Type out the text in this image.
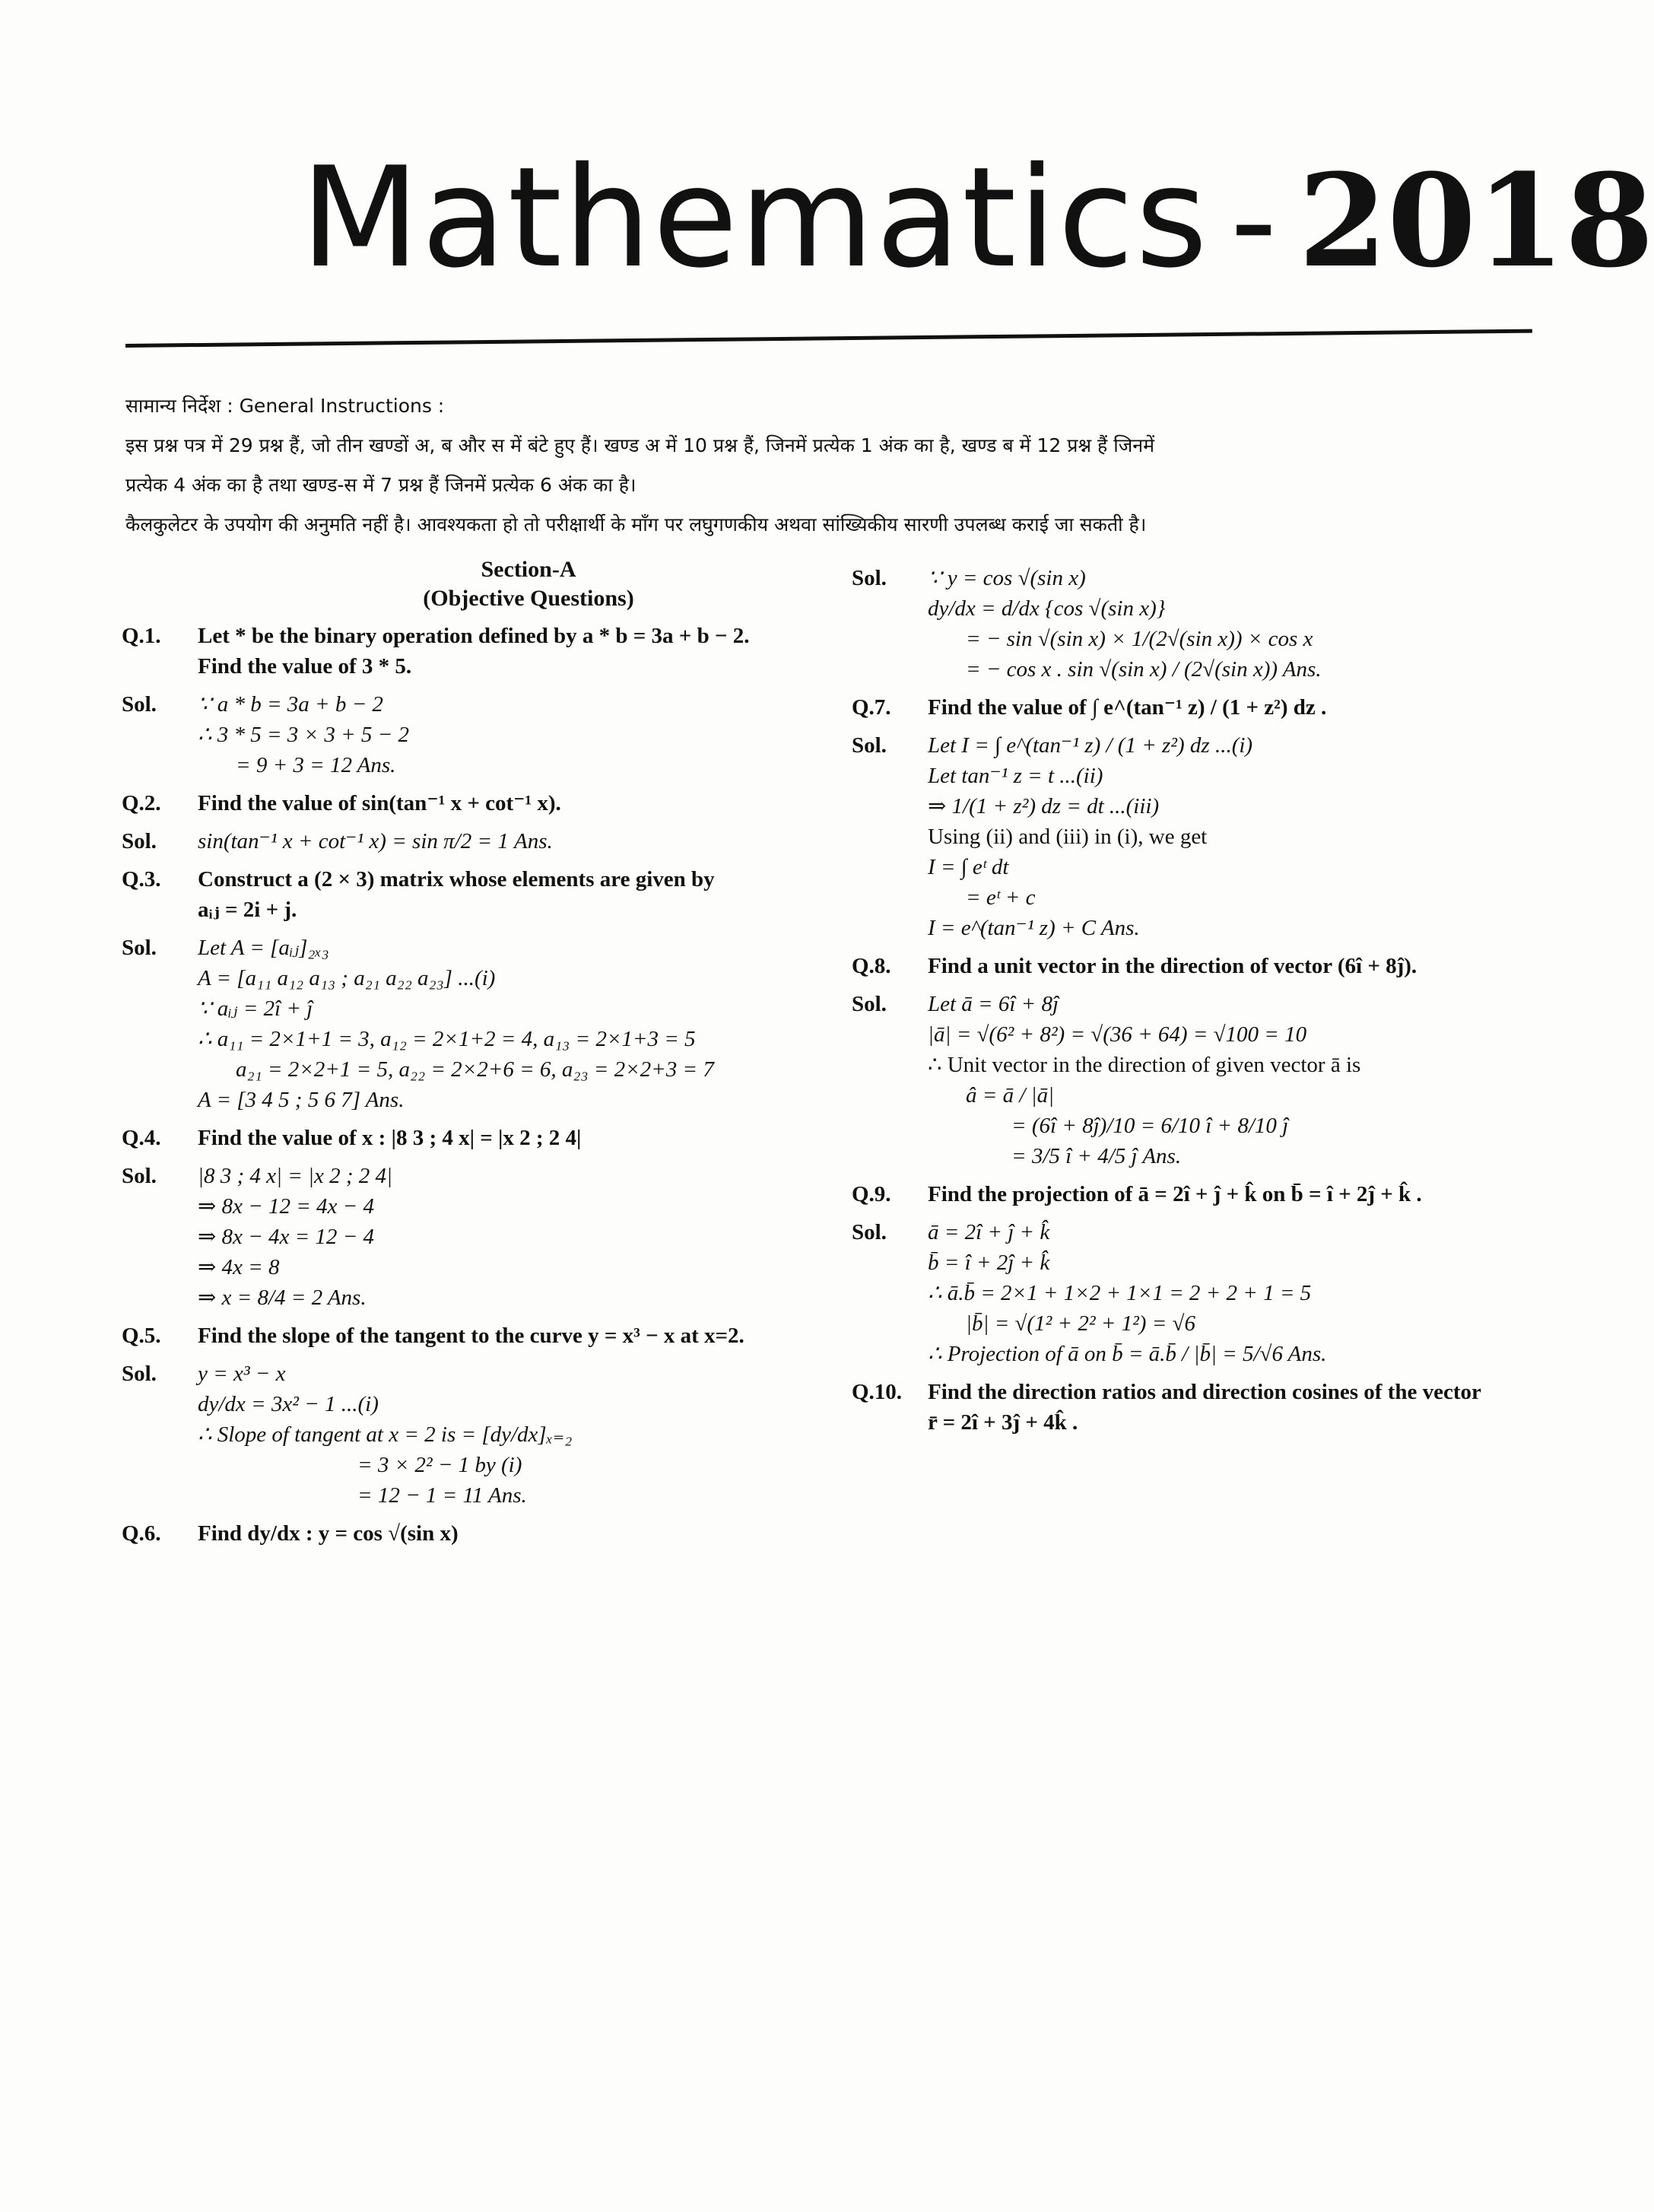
Mathematics - 2018
सामान्य निर्देश : General Instructions :
इस प्रश्न पत्र में 29 प्रश्न हैं, जो तीन खण्डों अ, ब और स में बंटे हुए हैं। खण्ड अ में 10 प्रश्न हैं, जिनमें प्रत्येक 1 अंक का है, खण्ड ब में 12 प्रश्न हैं जिनमें
प्रत्येक 4 अंक का है तथा खण्ड-स में 7 प्रश्न हैं जिनमें प्रत्येक 6 अंक का है।
कैलकुलेटर के उपयोग की अनुमति नहीं है। आवश्यकता हो तो परीक्षार्थी के माँग पर लघुगणकीय अथवा सांख्यिकीय सारणी उपलब्ध कराई जा सकती है।
Section-A
(Objective Questions)
Q.1.	Let * be the binary operation defined by a * b = 3a + b − 2.
Find the value of 3 * 5.
Sol.	∵ a * b = 3a + b − 2
∴ 3 * 5 = 3 × 3 + 5 − 2
= 9 + 3 = 12 Ans.
Q.2.	Find the value of sin(tan⁻¹ x + cot⁻¹ x).
Sol.	sin(tan⁻¹ x + cot⁻¹ x) = sin π/2 = 1 Ans.
Q.3.	Construct a (2 × 3) matrix whose elements are given by
aᵢⱼ = 2i + j.
Sol.	Let A = [aᵢⱼ]₂ₓ₃
A = [a₁₁ a₁₂ a₁₃ ; a₂₁ a₂₂ a₂₃] ...(i)
∵ aᵢⱼ = 2î + ĵ
∴ a₁₁ = 2×1+1 = 3, a₁₂ = 2×1+2 = 4, a₁₃ = 2×1+3 = 5
a₂₁ = 2×2+1 = 5, a₂₂ = 2×2+6 = 6, a₂₃ = 2×2+3 = 7
A = [3 4 5 ; 5 6 7] Ans.
Q.4.	Find the value of x : |8 3 ; 4 x| = |x 2 ; 2 4|
Sol.	|8 3 ; 4 x| = |x 2 ; 2 4|
⇒ 8x − 12 = 4x − 4
⇒ 8x − 4x = 12 − 4
⇒ 4x = 8
⇒ x = 8/4 = 2 Ans.
Q.5.	Find the slope of the tangent to the curve y = x³ − x at x=2.
Sol.	y = x³ − x
dy/dx = 3x² − 1 ...(i)
∴ Slope of tangent at x = 2 is = [dy/dx]ₓ₌₂
= 3 × 2² − 1 by (i)
= 12 − 1 = 11 Ans.
Q.6.	Find dy/dx : y = cos √(sin x)
Sol.	∵ y = cos √(sin x)
dy/dx = d/dx {cos √(sin x)}
= − sin √(sin x) × 1/(2√(sin x)) × cos x
= − cos x . sin √(sin x) / (2√(sin x)) Ans.
Q.7.	Find the value of ∫ e^(tan⁻¹ z) / (1 + z²) dz .
Sol.	Let I = ∫ e^(tan⁻¹ z) / (1 + z²) dz ...(i)
Let tan⁻¹ z = t ...(ii)
⇒ 1/(1 + z²) dz = dt ...(iii)
Using (ii) and (iii) in (i), we get
I = ∫ eᵗ dt
= eᵗ + c
I = e^(tan⁻¹ z) + C Ans.
Q.8.	Find a unit vector in the direction of vector (6î + 8ĵ).
Sol.	Let ā = 6î + 8ĵ
|ā| = √(6² + 8²) = √(36 + 64) = √100 = 10
∴ Unit vector in the direction of given vector ā is
â = ā / |ā|
= (6î + 8ĵ)/10 = 6/10 î + 8/10 ĵ
= 3/5 î + 4/5 ĵ Ans.
Q.9.	Find the projection of ā = 2î + ĵ + k̂ on b̄ = î + 2ĵ + k̂ .
Sol.	ā = 2î + ĵ + k̂
b̄ = î + 2ĵ + k̂
∴ ā.b̄ = 2×1 + 1×2 + 1×1 = 2 + 2 + 1 = 5
|b̄| = √(1² + 2² + 1²) = √6
∴ Projection of ā on b̄ = ā.b̄ / |b̄| = 5/√6 Ans.
Q.10.	Find the direction ratios and direction cosines of the vector
r̄ = 2î + 3ĵ + 4k̂ .
